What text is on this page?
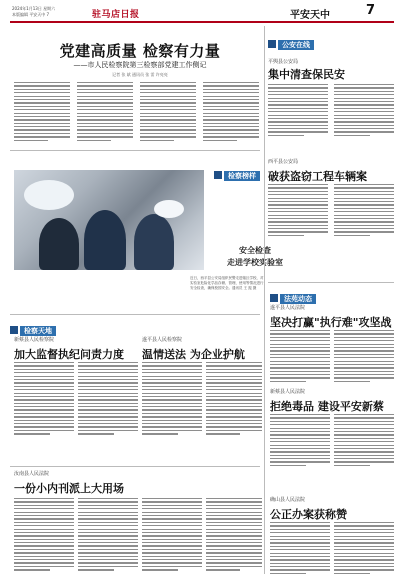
2024年1月13日 星期六
本版编辑 平安天中 7	驻马店日报	平安天中	7
党建高质量 检察有力量
——市人民检察院第三检察部党建工作侧记
记者 张 斌 通讯员 张 雷 许亮亮
公安在线
平舆县公安局
集中清查保民安
西平县公安局
破获盗窃工程车辆案
检察榜样
安全检查
走进学校实验室
近日，西平县公安局组织民警走进辖区学校，对实验室危险化学品存储、管理、使用等情况进行安全检查，确保校园安全。通讯员 王 振 摄
检察天地
法苑动态
遂平县人民法院
坚决打赢"执行难"攻坚战
新蔡县人民法院
拒绝毒品 建设平安新蔡
确山县人民法院
公正办案获称赞
新蔡县人民检察院
加大监督执纪问责力度
遂平县人民检察院
温情送法 为企业护航
汝南县人民法院
一份小内刊派上大用场
